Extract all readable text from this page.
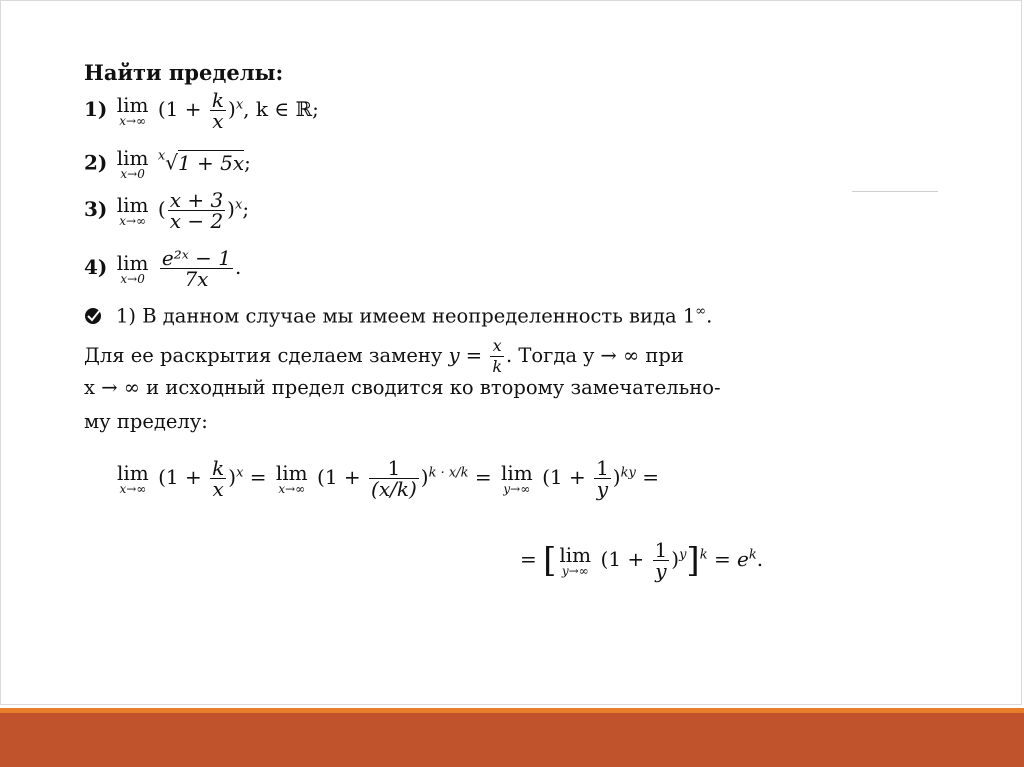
Найти пределы:
1) lim
x→∞ $(1 + \frac{k}{x} )^x$, k ∈ ℝ;
2) lim
x→0
$^x$√1 + 5x;
3) lim
x→∞ ( $\frac{x + 3}{x - 2} )^x$;
4) lim
x→0
$\frac{\text{e²ˣ − 1}}{7x}$ .
1) В данном случае мы имеем неопределенность вида 1∞.
Для ее раскрытия сделаем замену $y = \frac{x}{k}$ . Тогда y → ∞ при
x → ∞ и исходный предел сводится ко второму замечательно-
му пределу:
lim
x→∞ $(1 + \frac{k}{x} )^x = \lim$
x→∞ $(1 + \frac{1}{(x/k)} )^{k \cdot x/k} = \lim$
y→∞ $(1 + \frac{1}{y} )^{ky}$ =
= [ lim
y→∞ $(1 + \frac{1}{y} )^y]^k = e^k$.
